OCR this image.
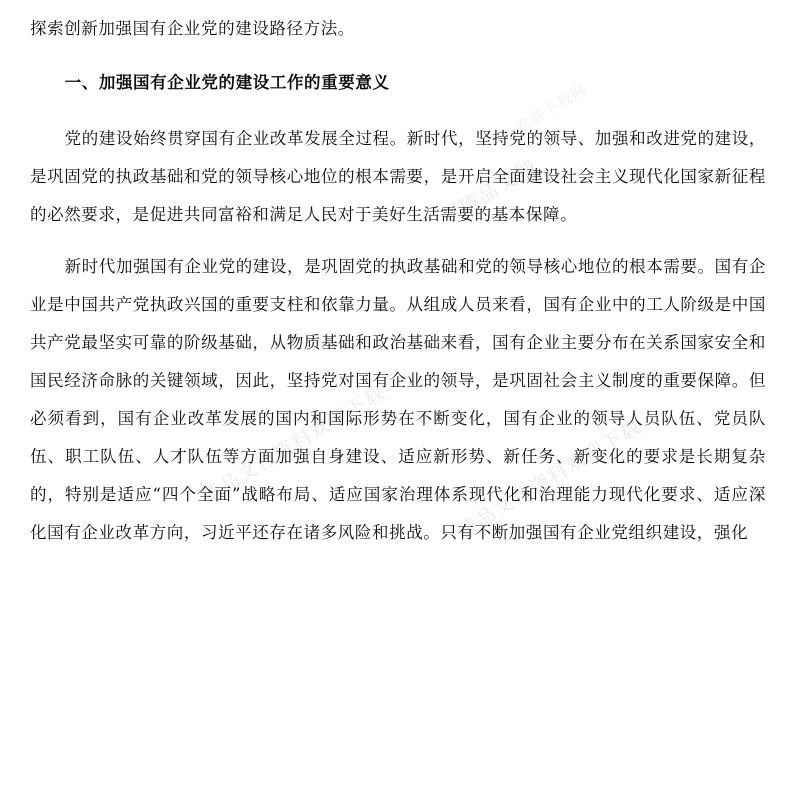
欢迎下载网
精品文档
精品文档资料欢迎下载	精品文档资料欢迎下载

探索创新加强国有企业党的建设路径方法。

一、加强国有企业党的建设工作的重要意义

党的建设始终贯穿国有企业改革发展全过程。新时代，坚持党的领导、加强和改进党的建设，是巩固党的执政基础和党的领导核心地位的根本需要，是开启全面建设社会主义现代化国家新征程的必然要求，是促进共同富裕和满足人民对于美好生活需要的基本保障。

新时代加强国有企业党的建设，是巩固党的执政基础和党的领导核心地位的根本需要。国有企业是中国共产党执政兴国的重要支柱和依靠力量。从组成人员来看，国有企业中的工人阶级是中国共产党最坚实可靠的阶级基础，从物质基础和政治基础来看，国有企业主要分布在关系国家安全和国民经济命脉的关键领域，因此，坚持党对国有企业的领导，是巩固社会主义制度的重要保障。但必须看到，国有企业改革发展的国内和国际形势在不断变化，国有企业的领导人员队伍、党员队伍、职工队伍、人才队伍等方面加强自身建设、适应新形势、新任务、新变化的要求是长期复杂的，特别是适应“四个全面”战略布局、适应国家治理体系现代化和治理能力现代化要求、适应深化国有企业改革方向，习近平还存在诸多风险和挑战。只有不断加强国有企业党组织建设，强化
